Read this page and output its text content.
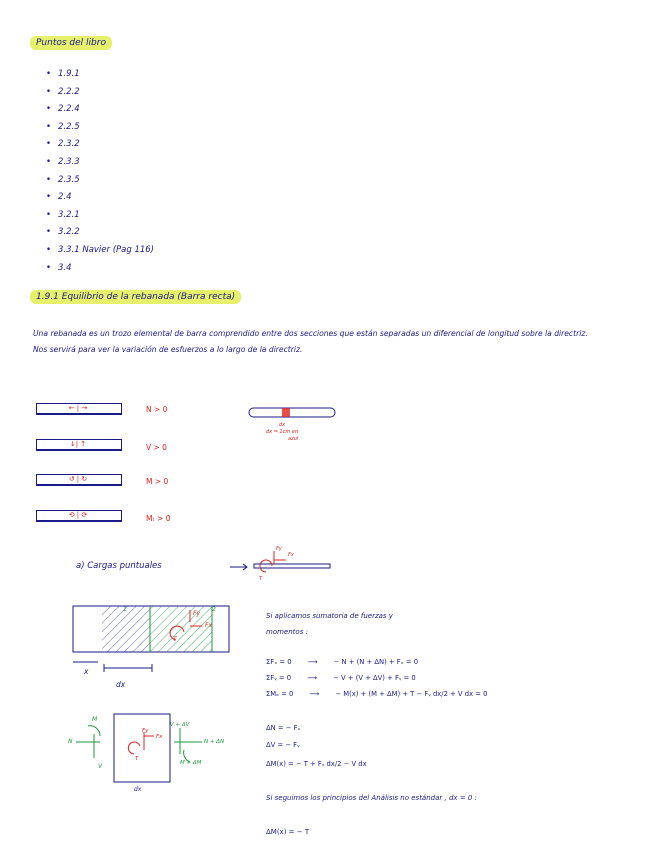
Puntos del libro
• 1.9.1
• 2.2.2
• 2.2.4
• 2.2.5
• 2.3.2
• 2.3.3
• 2.3.5
• 2.4
• 3.2.1
• 3.2.2
• 3.3.1 Navier (Pag 116)
• 3.4
1.9.1 Equilibrio de la rebanada (Barra recta)
Una rebanada es un trozo elemental de barra comprendido entre dos secciones que están separadas un diferencial de longitud sobre la directriz. Nos servirá para ver la variación de esfuerzos a lo largo de la directriz.
← | →	N > 0
↓| ↑	V > 0
↺ | ↻	M > 0
⟲ | ⟳	Mₜ > 0
dx
dx = 1cm en
azul
a) Cargas puntuales
Fy
Fx
T
1	2
Fy
Fx
T
x
dx
Si aplicamos sumatoria de fuerzas y
momentos :
ΣFₓ = 0 ⟶ − N + (N + ΔN) + Fₓ = 0
ΣFᵧ = 0 ⟶ − V + (V + ΔV) + Fᵧ = 0
ΣMₒ = 0 ⟶ − M(x) + (M + ΔM) + T − Fᵧ dx/2 + V dx = 0
ΔN = − Fₓ
ΔV = − Fᵧ
ΔM(x) = − T + Fᵧ dx/2 − V dx
M
N
V
V + ΔV
N + ΔN
M + ΔM
Fy
Fx
T
dx
Si seguimos los principios del Análisis no estándar , dx = 0 :
ΔM(x) = − T
